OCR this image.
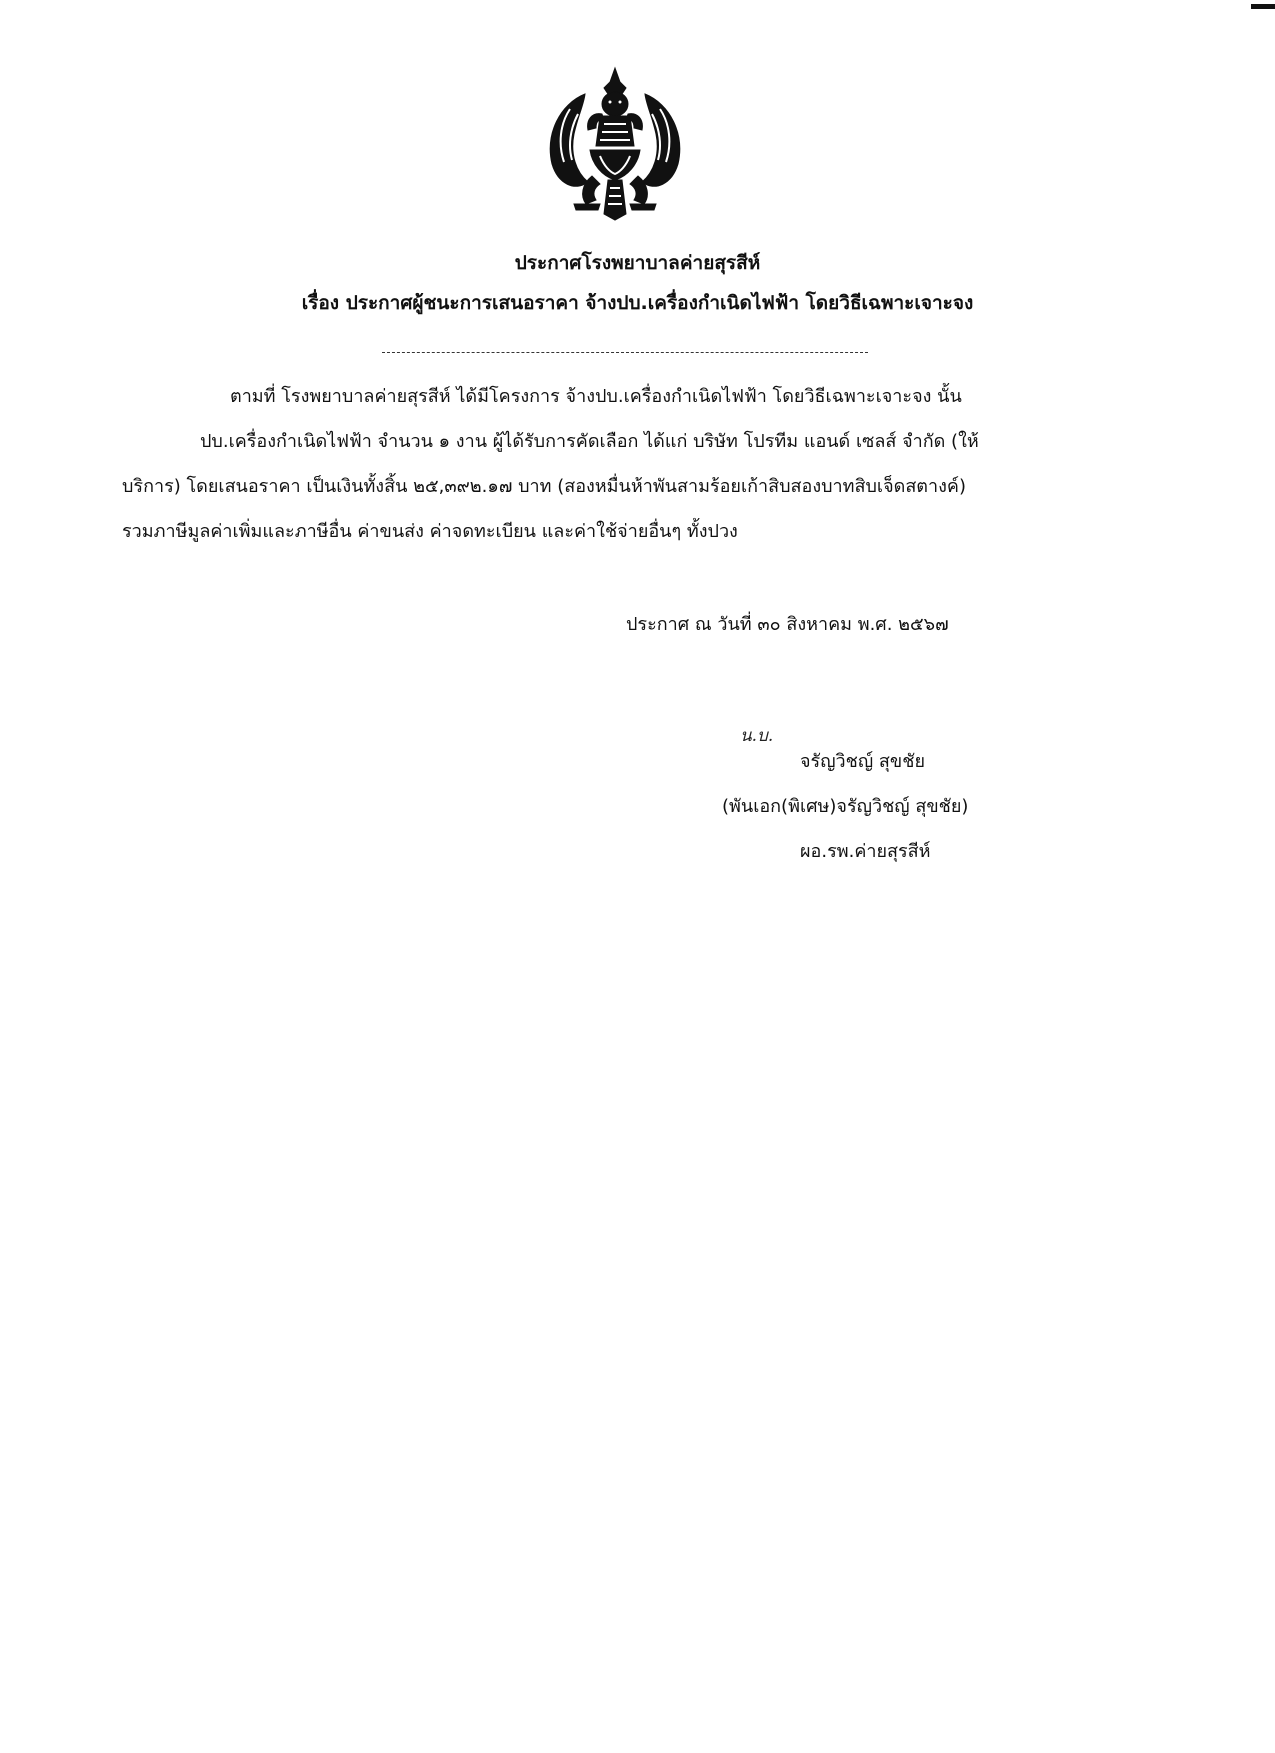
ประกาศโรงพยาบาลค่ายสุรสีห์
เรื่อง ประกาศผู้ชนะการเสนอราคา จ้างปบ.เครื่องกำเนิดไฟฟ้า โดยวิธีเฉพาะเจาะจง
ตามที่ โรงพยาบาลค่ายสุรสีห์ ได้มีโครงการ จ้างปบ.เครื่องกำเนิดไฟฟ้า โดยวิธีเฉพาะเจาะจง นั้น
ปบ.เครื่องกำเนิดไฟฟ้า จำนวน ๑ งาน ผู้ได้รับการคัดเลือก ได้แก่ บริษัท โปรทีม แอนด์ เซลส์ จำกัด (ให้
บริการ) โดยเสนอราคา เป็นเงินทั้งสิ้น ๒๕,๓๙๒.๑๗ บาท (สองหมื่นห้าพันสามร้อยเก้าสิบสองบาทสิบเจ็ดสตางค์)
รวมภาษีมูลค่าเพิ่มและภาษีอื่น ค่าขนส่ง ค่าจดทะเบียน และค่าใช้จ่ายอื่นๆ ทั้งปวง
ประกาศ ณ วันที่ ๓๐ สิงหาคม พ.ศ. ๒๕๖๗
น.บ.
จรัญวิชญ์ สุขชัย
(พันเอก(พิเศษ)จรัญวิชญ์ สุขชัย)
ผอ.รพ.ค่ายสุรสีห์
